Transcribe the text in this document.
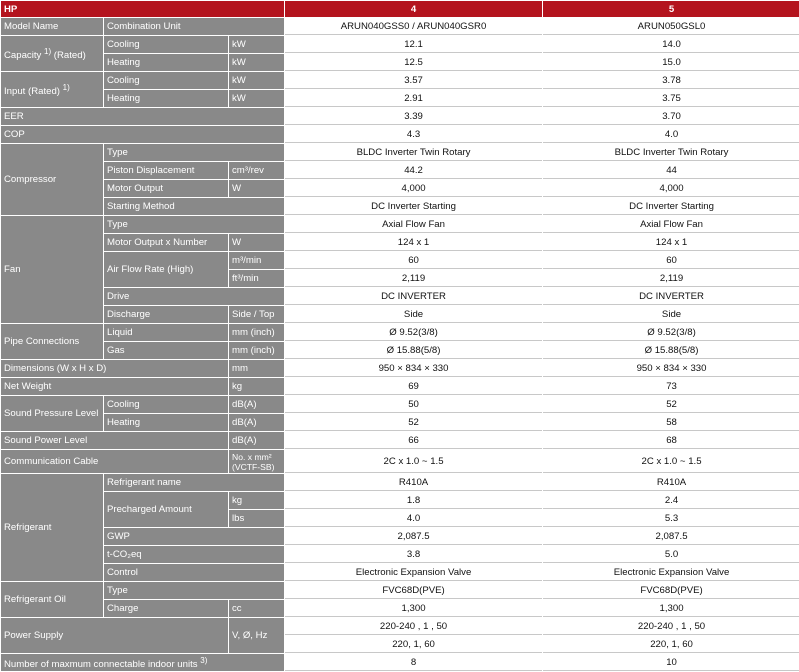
HP			4	5
Model Name	Combination Unit		ARUN040GSS0 / ARUN040GSR0	ARUN050GSL0
Capacity $^{1)}$ (Rated)	Cooling	kW	12.1	14.0
	Heating	kW	12.5	15.0
Input (Rated) $^{1)}$	Cooling	kW	3.57	3.78
	Heating	kW	2.91	3.75
EER			3.39	3.70
COP			4.3	4.0
Compressor	Type		BLDC Inverter Twin Rotary	BLDC Inverter Twin Rotary
	Piston Displacement	cm³/rev	44.2	44
	Motor Output	W	4,000	4,000
	Starting Method		DC Inverter Starting	DC Inverter Starting
Fan	Type		Axial Flow Fan	Axial Flow Fan
	Motor Output x Number	W	124 x 1	124 x 1
	Air Flow Rate (High)	m³/min	60	60
		ft³/min	2,119	2,119
	Drive		DC INVERTER	DC INVERTER
	Discharge	Side / Top	Side	Side
Pipe Connections	Liquid	mm (inch)	Ø 9.52(3/8)	Ø 9.52(3/8)
	Gas	mm (inch)	Ø 15.88(5/8)	Ø 15.88(5/8)
Dimensions (W x H x D)		mm	950 × 834 × 330	950 × 834 × 330
Net Weight		kg	69	73
Sound Pressure Level	Cooling	dB(A)	50	52
	Heating	dB(A)	52	58
Sound Power Level		dB(A)	66	68
Communication Cable		No. x mm² (VCTF-SB)	2C x 1.0 ~ 1.5	2C x 1.0 ~ 1.5
Refrigerant	Refrigerant name		R410A	R410A
	Precharged Amount	kg	1.8	2.4
		lbs	4.0	5.3
	GWP		2,087.5	2,087.5
	t-CO₂eq		3.8	5.0
	Control		Electronic Expansion Valve	Electronic Expansion Valve
Refrigerant Oil	Type		FVC68D(PVE)	FVC68D(PVE)
	Charge	cc	1,300	1,300
Power Supply		V, Ø, Hz	220-240 , 1 , 50	220-240 , 1 , 50
			220, 1, 60	220, 1, 60
Number of maxmum connectable indoor units $^{3)}$			8	10
